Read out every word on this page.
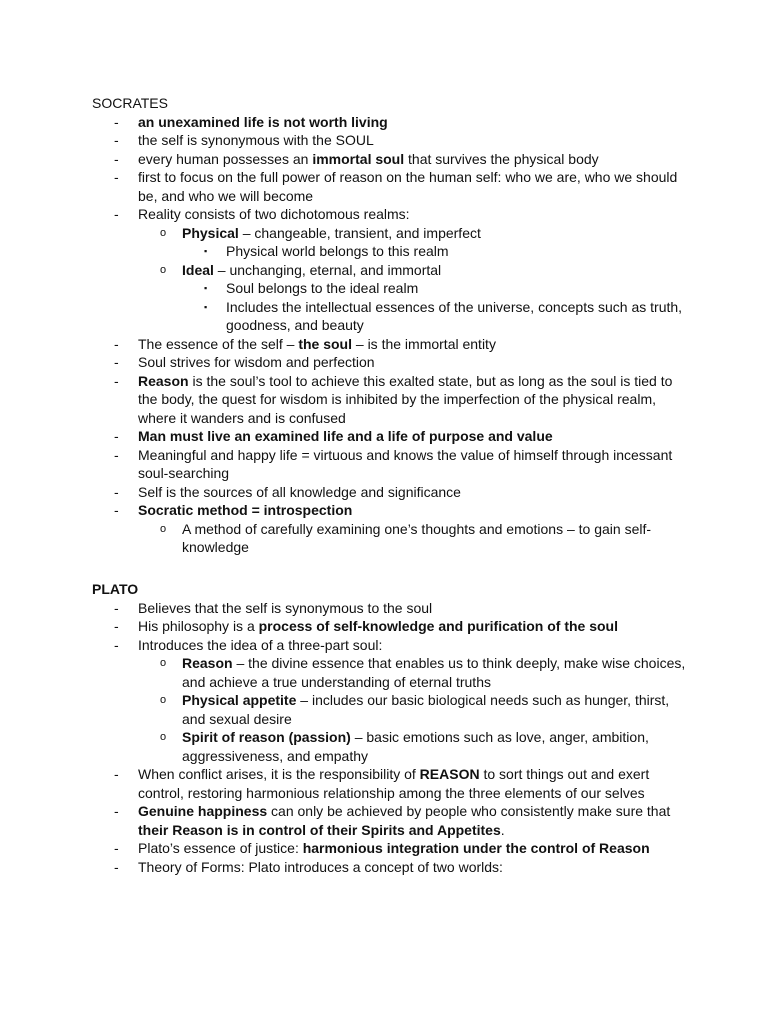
SOCRATES
- an unexamined life is not worth living

- the self is synonymous with the SOUL

- every human possesses an immortal soul that survives the physical body

- first to focus on the full power of reason on the human self: who we are, who we should be, and who we will become

- Reality consists of two dichotomous realms:

o Physical – changeable, transient, and imperfect

▪ Physical world belongs to this realm

o Ideal – unchanging, eternal, and immortal

▪ Soul belongs to the ideal realm

▪ Includes the intellectual essences of the universe, concepts such as truth, goodness, and beauty

- The essence of the self – the soul – is the immortal entity

- Soul strives for wisdom and perfection

- Reason is the soul’s tool to achieve this exalted state, but as long as the soul is tied to the body, the quest for wisdom is inhibited by the imperfection of the physical realm, where it wanders and is confused

- Man must live an examined life and a life of purpose and value

- Meaningful and happy life = virtuous and knows the value of himself through incessant soul-searching

- Self is the sources of all knowledge and significance

- Socratic method = introspection

o A method of carefully examining one’s thoughts and emotions – to gain self-knowledge

PLATO
- Believes that the self is synonymous to the soul

- His philosophy is a process of self-knowledge and purification of the soul

- Introduces the idea of a three-part soul:

o Reason – the divine essence that enables us to think deeply, make wise choices, and achieve a true understanding of eternal truths

o Physical appetite – includes our basic biological needs such as hunger, thirst, and sexual desire

o Spirit of reason (passion) – basic emotions such as love, anger, ambition, aggressiveness, and empathy

- When conflict arises, it is the responsibility of REASON to sort things out and exert control, restoring harmonious relationship among the three elements of our selves

- Genuine happiness can only be achieved by people who consistently make sure that their Reason is in control of their Spirits and Appetites.

- Plato’s essence of justice: harmonious integration under the control of Reason

- Theory of Forms: Plato introduces a concept of two worlds:
